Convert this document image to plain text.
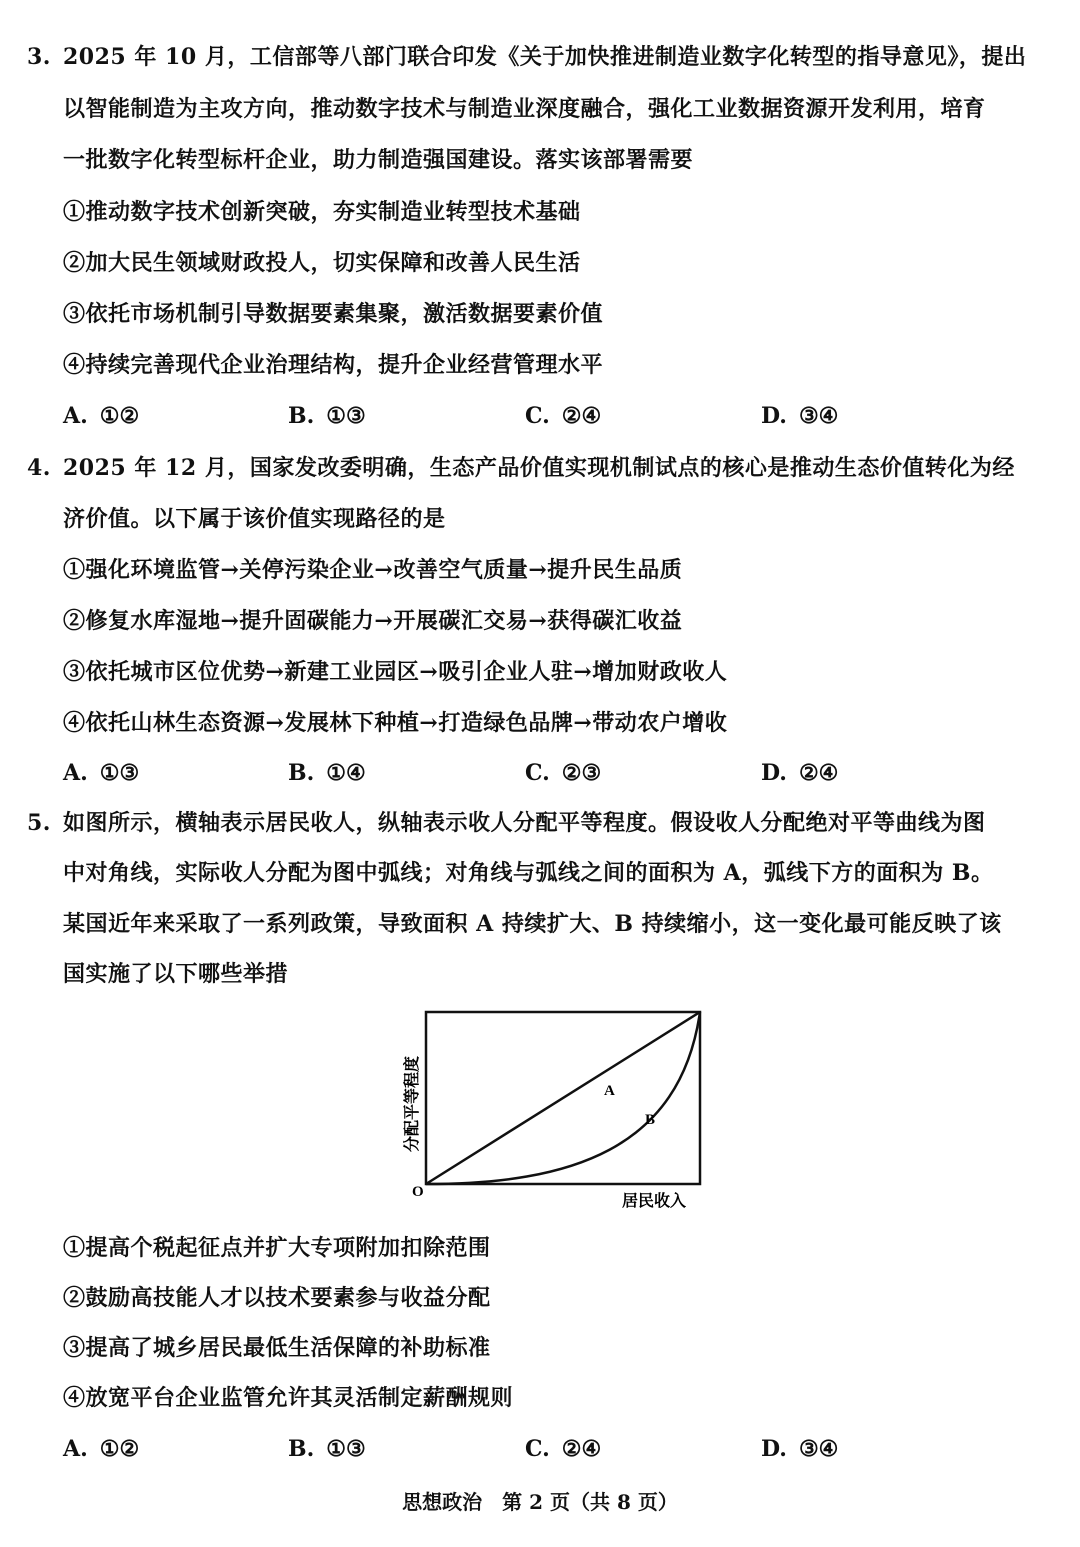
3. 2025 年 10 月，工信部等八部门联合印发《关于加快推进制造业数字化转型的指导意见》，提出
以智能制造为主攻方向，推动数字技术与制造业深度融合，强化工业数据资源开发利用，培育
一批数字化转型标杆企业，助力制造强国建设。落实该部署需要
①推动数字技术创新突破，夯实制造业转型技术基础
②加大民生领域财政投人，切实保障和改善人民生活
③依托市场机制引导数据要素集聚，激活数据要素价值
④持续完善现代企业治理结构，提升企业经营管理水平
A. ①②	B. ①③	C. ②④	D. ③④
4. 2025 年 12 月，国家发改委明确，生态产品价值实现机制试点的核心是推动生态价值转化为经
济价值。以下属于该价值实现路径的是
①强化环境监管→关停污染企业→改善空气质量→提升民生品质
②修复水库湿地→提升固碳能力→开展碳汇交易→获得碳汇收益
③依托城市区位优势→新建工业园区→吸引企业人驻→增加财政收人
④依托山林生态资源→发展林下种植→打造绿色品牌→带动农户增收
A. ①③	B. ①④	C. ②③	D. ②④
5. 如图所示，横轴表示居民收人，纵轴表示收人分配平等程度。假设收人分配绝对平等曲线为图
中对角线，实际收人分配为图中弧线；对角线与弧线之间的面积为 A，弧线下方的面积为 B。
某国近年来采取了一系列政策，导致面积 A 持续扩大、B 持续缩小，这一变化最可能反映了该
国实施了以下哪些举措
A
B
O	居民收入
分配平等程度
①提高个税起征点并扩大专项附加扣除范围
②鼓励高技能人才以技术要素参与收益分配
③提高了城乡居民最低生活保障的补助标准
④放宽平台企业监管允许其灵活制定薪酬规则
A. ①②	B. ①③	C. ②④	D. ③④
思想政治　第 2 页（共 8 页）
